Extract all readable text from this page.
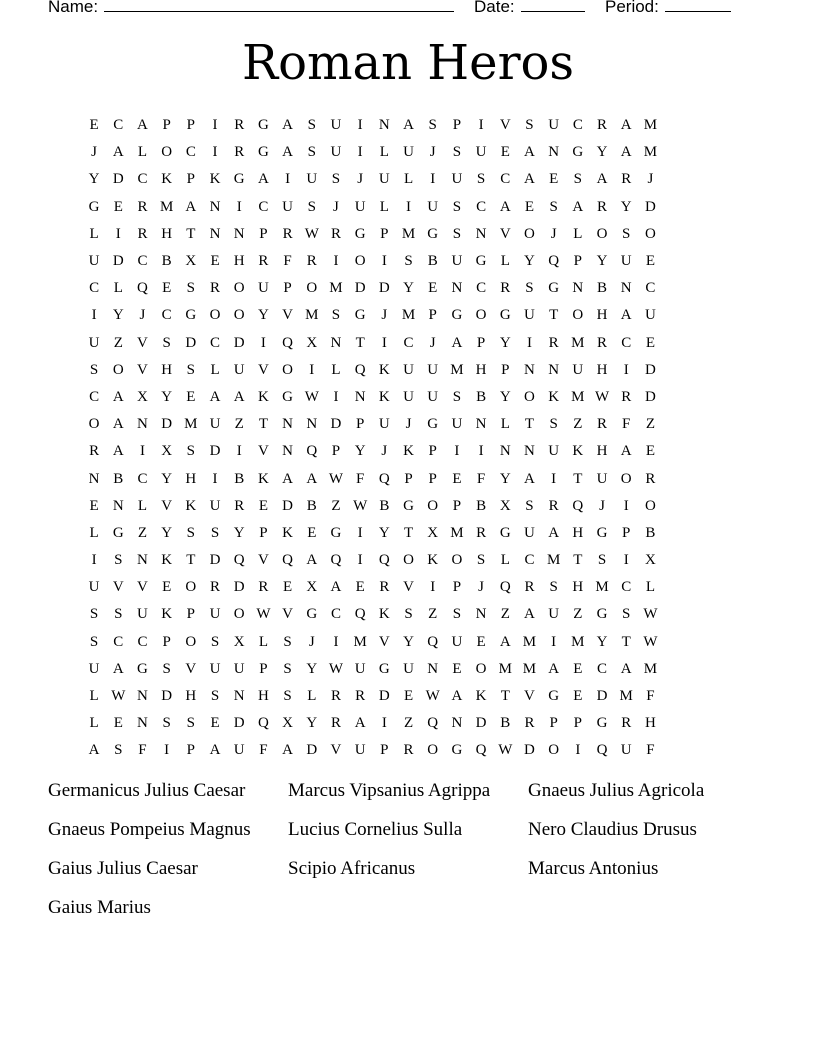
Name:	Date:	Period:
Roman Heros
E C A P	P	I	R G A S U	I	N A S	P	I	V S U C R A M
J	A L O C	I	R G A S U	I	L U	J	S U E A N G Y A M
Y D C K P K G A	I	U S	J	U L	I	U S	C A E	S A R	J
G E R M A N	I	C U S	J	U L	I	U S	C A E	S A R Y D
L	I	R H T N N P	R W R G P M G S N V O	J	L O S O
U D C B X E H R	F	R	I	O	I	S	B U G L Y Q P Y U E
C L Q E	S	R O U P O M D D Y E N C R	S G N B N C
I	Y	J	C G O O Y V M S G	J M P G O G U T O H A U
U Z V S D C D	I	Q X N T	I	C	J	A P Y	I	R M R C E
S O V H S	L U V O	I	L Q K U U M H P N N U H	I	D
C A X Y E A A K G W I	N K U U S	B Y O K M W R D
O A N D M U Z	T N N D P U	J	G U N L	T	S	Z R	F	Z
R A	I	X S D	I	V N Q P Y	J	K P	I	I	N N U K H A E
N B C Y H	I	B K A A W F Q P	P	E	F Y A	I	T U O R
E N L V K U R E D B Z W B G O P	B X S	R Q	J	I	O
L G Z Y S	S Y P K E G	I	Y T X M R G U A H G P	B
I	S N K T D Q V Q A Q	I	Q O K O S	L C M T	S	I	X
U V V E O R D R E X A E R V	I	P	J	Q R	S H M C L
S	S U K P U O W V G C Q K S	Z	S N Z A U Z G S W
S	C C	P O S X L	S	J	I	M V Y Q U E A M	I	M Y T W
U A G S V U U P	S Y W U G U N E O M M A E C A M
L W N D H S N H S	L R R D E W A K T V G E D M F
L	E N S	S	E D Q X Y R A	I	Z Q N D B R	P	P G R H
A S	F	I	P A U F A D V U P	R O G Q W D O	I	Q U F
Germanicus Julius Caesar	Marcus Vipsanius Agrippa	Gnaeus Julius Agricola
Gnaeus Pompeius Magnus	Lucius Cornelius Sulla	Nero Claudius Drusus
Gaius Julius Caesar	Scipio Africanus	Marcus Antonius
Gaius Marius
